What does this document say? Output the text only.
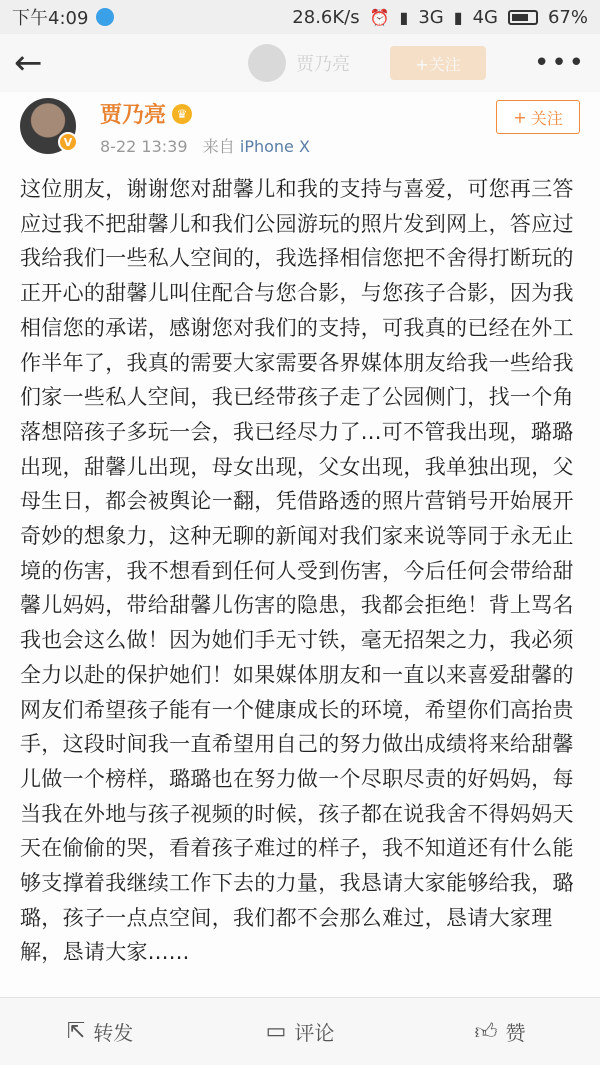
下午4:09	28.6K/s ⏰ ▮ 3G ▮ 4G	67%
←	贾乃亮	+关注	•••
V
贾乃亮 ♛
8-22 13:39 来自 iPhone X
+ 关注
这位朋友，谢谢您对甜馨儿和我的支持与喜爱，可您再三答应过我不把甜馨儿和我们公园游玩的照片发到网上，答应过我给我们一些私人空间的，我选择相信您把不舍得打断玩的正开心的甜馨儿叫住配合与您合影，与您孩子合影，因为我相信您的承诺，感谢您对我们的支持，可我真的已经在外工作半年了，我真的需要大家需要各界媒体朋友给我一些给我们家一些私人空间，我已经带孩子走了公园侧门，找一个角落想陪孩子多玩一会，我已经尽力了...可不管我出现，璐璐出现，甜馨儿出现，母女出现，父女出现，我单独出现，父母生日，都会被舆论一翻，凭借路透的照片营销号开始展开奇妙的想象力，这种无聊的新闻对我们家来说等同于永无止境的伤害，我不想看到任何人受到伤害，今后任何会带给甜馨儿妈妈，带给甜馨儿伤害的隐患，我都会拒绝！背上骂名我也会这么做！因为她们手无寸铁，毫无招架之力，我必须全力以赴的保护她们！如果媒体朋友和一直以来喜爱甜馨的网友们希望孩子能有一个健康成长的环境，希望你们高抬贵手，这段时间我一直希望用自己的努力做出成绩将来给甜馨儿做一个榜样，璐璐也在努力做一个尽职尽责的好妈妈，每当我在外地与孩子视频的时候，孩子都在说我舍不得妈妈天天在偷偷的哭，看着孩子难过的样子，我不知道还有什么能够支撑着我继续工作下去的力量，我恳请大家能够给我，璐璐，孩子一点点空间，我们都不会那么难过，恳请大家理解，恳请大家......
⇱ 转发	▭ 评论	👍︎ 赞
